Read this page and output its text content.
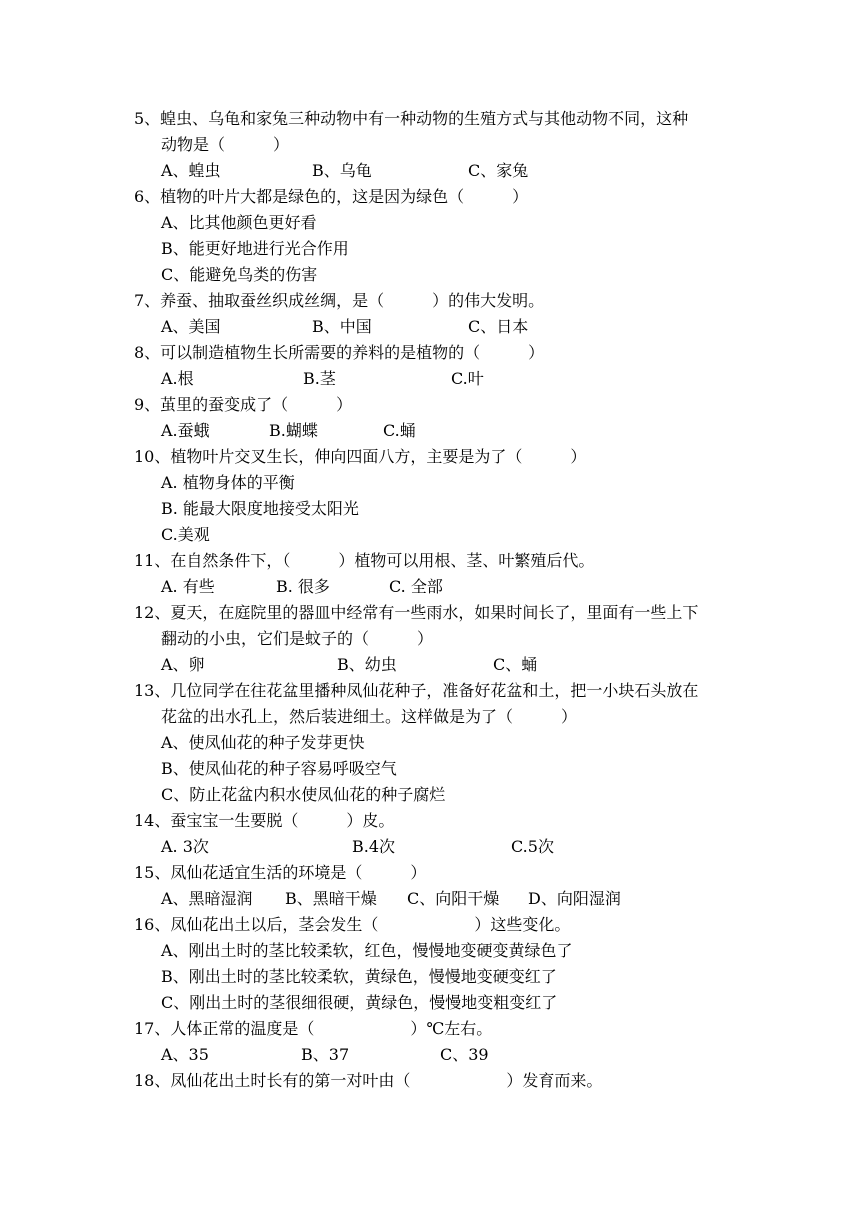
5、蝗虫、乌龟和家兔三种动物中有一种动物的生殖方式与其他动物不同，这种
动物是（　　　）
A、蝗虫	B、乌龟	C、家兔
6、植物的叶片大都是绿色的，这是因为绿色（　　　）
A、比其他颜色更好看
B、能更好地进行光合作用
C、能避免鸟类的伤害
7、养蚕、抽取蚕丝织成丝绸，是（　　　）的伟大发明。
A、美国	B、中国	C、日本
8、可以制造植物生长所需要的养料的是植物的（　　　）
A.根	B.茎	C.叶
9、茧里的蚕变成了（　　　）
A.蚕蛾	B.蝴蝶	C.蛹
10、植物叶片交叉生长，伸向四面八方，主要是为了（　　　）
A. 植物身体的平衡
B. 能最大限度地接受太阳光
C.美观
11、在自然条件下，（　　　）植物可以用根、茎、叶繁殖后代。
A. 有些	B. 很多	C. 全部
12、夏天，在庭院里的器皿中经常有一些雨水，如果时间长了，里面有一些上下
翻动的小虫，它们是蚊子的（　　　）
A、卵	B、幼虫	C、蛹
13、几位同学在往花盆里播种凤仙花种子，准备好花盆和土，把一小块石头放在
花盆的出水孔上，然后装进细土。这样做是为了（　　　）
A、使凤仙花的种子发芽更快
B、使凤仙花的种子容易呼吸空气
C、防止花盆内积水使凤仙花的种子腐烂
14、蚕宝宝一生要脱（　　　）皮。
A. 3次	B.4次	C.5次
15、凤仙花适宜生活的环境是（　　　）
A、黑暗湿润 B、黑暗干燥 C、向阳干燥 D、向阳湿润
16、凤仙花出土以后，茎会发生（　　　　　　）这些变化。
A、刚出土时的茎比较柔软，红色，慢慢地变硬变黄绿色了
B、刚出土时的茎比较柔软，黄绿色，慢慢地变硬变红了
C、刚出土时的茎很细很硬，黄绿色，慢慢地变粗变红了
17、人体正常的温度是（　　　　　　）℃左右。
A、35	B、37	C、39
18、凤仙花出土时长有的第一对叶由（　　　　　　）发育而来。
